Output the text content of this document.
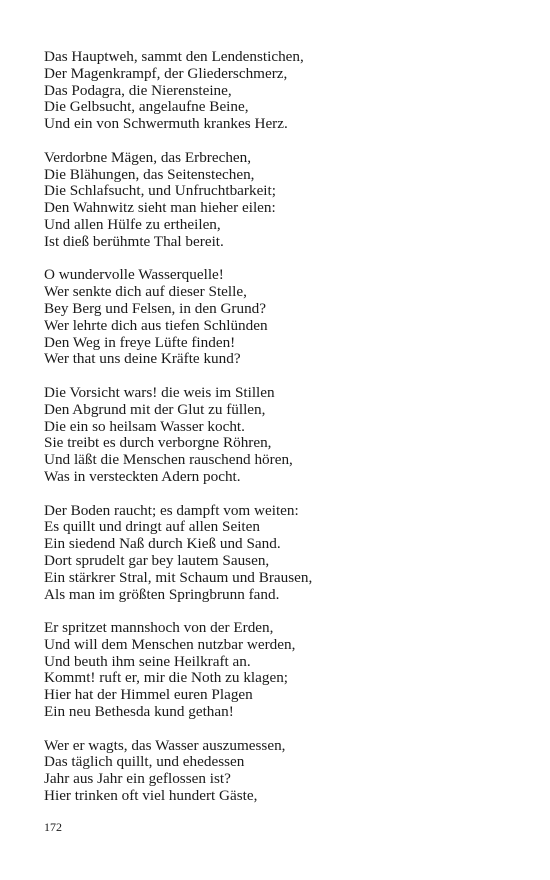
Das Hauptweh, sammt den Lendenstichen,
Der Magenkrampf, der Gliederschmerz,
Das Podagra, die Nierensteine,
Die Gelbsucht, angelaufne Beine,
Und ein von Schwermuth krankes Herz.
Verdorbne Mägen, das Erbrechen,
Die Blähungen, das Seitenstechen,
Die Schlafsucht, und Unfruchtbarkeit;
Den Wahnwitz sieht man hieher eilen:
Und allen Hülfe zu ertheilen,
Ist dieß berühmte Thal bereit.
O wundervolle Wasserquelle!
Wer senkte dich auf dieser Stelle,
Bey Berg und Felsen, in den Grund?
Wer lehrte dich aus tiefen Schlünden
Den Weg in freye Lüfte finden!
Wer that uns deine Kräfte kund?
Die Vorsicht wars! die weis im Stillen
Den Abgrund mit der Glut zu füllen,
Die ein so heilsam Wasser kocht.
Sie treibt es durch verborgne Röhren,
Und läßt die Menschen rauschend hören,
Was in versteckten Adern pocht.
Der Boden raucht; es dampft vom weiten:
Es quillt und dringt auf allen Seiten
Ein siedend Naß durch Kieß und Sand.
Dort sprudelt gar bey lautem Sausen,
Ein stärkrer Stral, mit Schaum und Brausen,
Als man im größten Springbrunn fand.
Er spritzet mannshoch von der Erden,
Und will dem Menschen nutzbar werden,
Und beuth ihm seine Heilkraft an.
Kommt! ruft er, mir die Noth zu klagen;
Hier hat der Himmel euren Plagen
Ein neu Bethesda kund gethan!
Wer er wagts, das Wasser auszumessen,
Das täglich quillt, und ehedessen
Jahr aus Jahr ein geflossen ist?
Hier trinken oft viel hundert Gäste,
172
